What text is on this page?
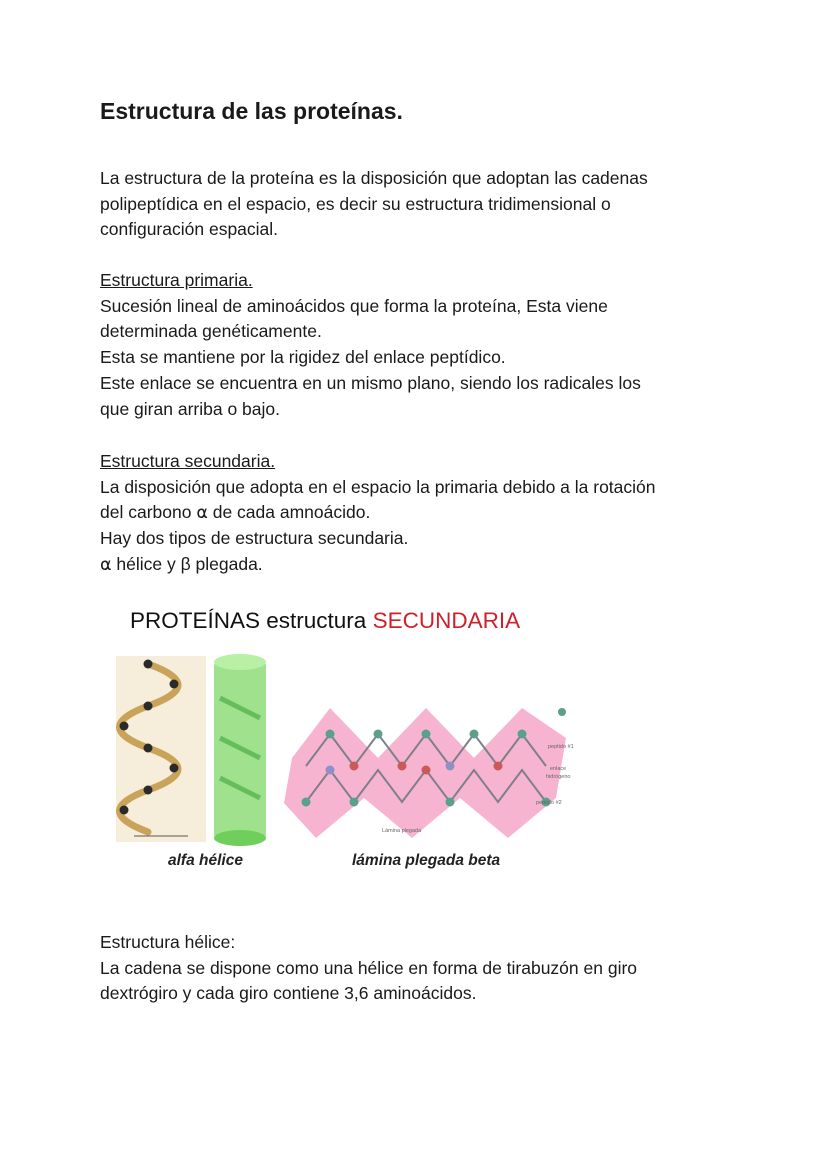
Estructura de las proteínas.
La estructura de la proteína es la disposición que adoptan las cadenas
polipeptídica en el espacio, es decir su estructura tridimensional o
configuración espacial.
Estructura primaria.
Sucesión lineal de aminoácidos que forma la proteína, Esta viene
determinada genéticamente.
Esta se mantiene por la rigidez del enlace peptídico.
Este enlace se encuentra en un mismo plano, siendo los radicales los
que giran arriba o bajo.
Estructura secundaria.
La disposición que adopta en el espacio la primaria debido a la rotación
del carbono ⍺ de cada amnoácido.
Hay dos tipos de estructura secundaria.
⍺ hélice y β plegada.
PROTEÍNAS estructura SECUNDARIA
peptido #1
enlace
hidrógeno
peptido #2
Lámina plegada
alfa hélice	lámina plegada beta
Estructura hélice:
La cadena se dispone como una hélice en forma de tirabuzón en giro
dextrógiro y cada giro contiene 3,6 aminoácidos.
